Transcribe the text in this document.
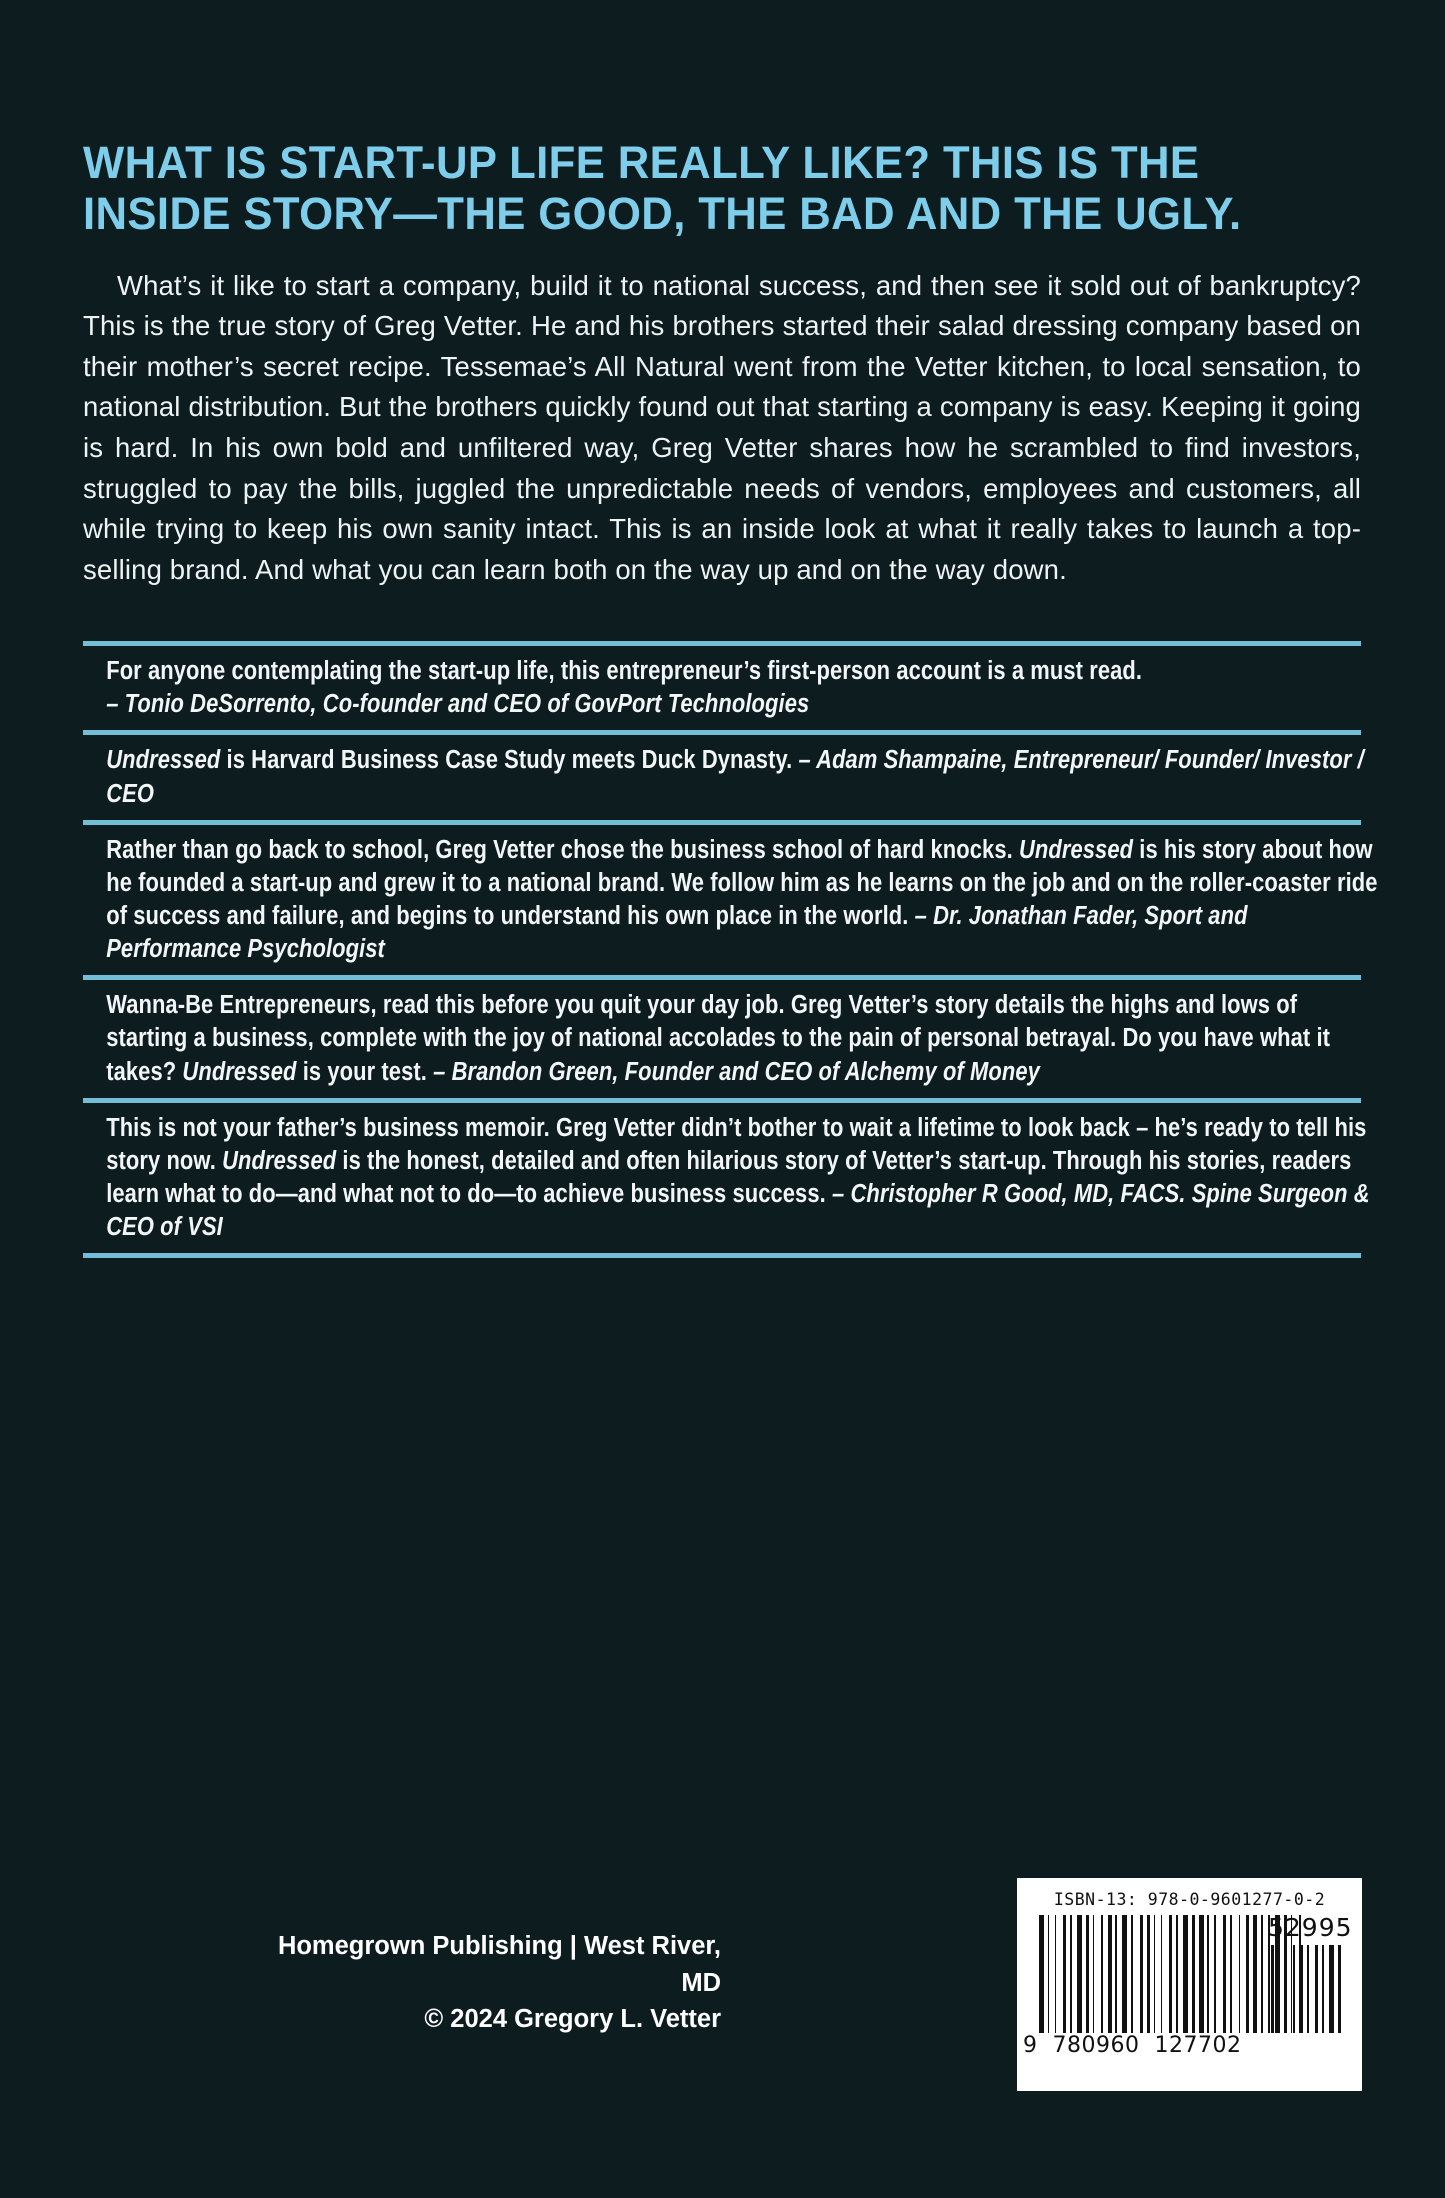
WHAT IS START-UP LIFE REALLY LIKE? THIS IS THE INSIDE STORY—THE GOOD, THE BAD AND THE UGLY.
What’s it like to start a company, build it to national success, and then see it sold out of bankruptcy? This is the true story of Greg Vetter. He and his brothers started their salad dressing company based on their mother’s secret recipe. Tessemae’s All Natural went from the Vetter kitchen, to local sensation, to national distribution. But the brothers quickly found out that starting a company is easy. Keeping it going is hard. In his own bold and unfiltered way, Greg Vetter shares how he scrambled to find investors, struggled to pay the bills, juggled the unpredictable needs of vendors, employees and customers, all while trying to keep his own sanity intact. This is an inside look at what it really takes to launch a top-selling brand. And what you can learn both on the way up and on the way down.
For anyone contemplating the start-up life, this entrepreneur’s first-person account is a must read.
– Tonio DeSorrento, Co-founder and CEO of GovPort Technologies
Undressed is Harvard Business Case Study meets Duck Dynasty. – Adam Shampaine, Entrepreneur/ Founder/ Investor / CEO
Rather than go back to school, Greg Vetter chose the business school of hard knocks. Undressed is his story about how he founded a start-up and grew it to a national brand. We follow him as he learns on the job and on the roller-coaster ride of success and failure, and begins to understand his own place in the world. – Dr. Jonathan Fader, Sport and Performance Psychologist
Wanna-Be Entrepreneurs, read this before you quit your day job. Greg Vetter’s story details the highs and lows of starting a business, complete with the joy of national accolades to the pain of personal betrayal. Do you have what it takes? Undressed is your test. – Brandon Green, Founder and CEO of Alchemy of Money
This is not your father’s business memoir. Greg Vetter didn’t bother to wait a lifetime to look back – he’s ready to tell his story now. Undressed is the honest, detailed and often hilarious story of Vetter’s start-up. Through his stories, readers learn what to do—and what not to do—to achieve business success. – Christopher R Good, MD, FACS. Spine Surgeon & CEO of VSI
Homegrown Publishing | West River, MD
© 2024 Gregory L. Vetter
ISBN-13: 978-0-9601277-0-2
52995
9  780960  127702
